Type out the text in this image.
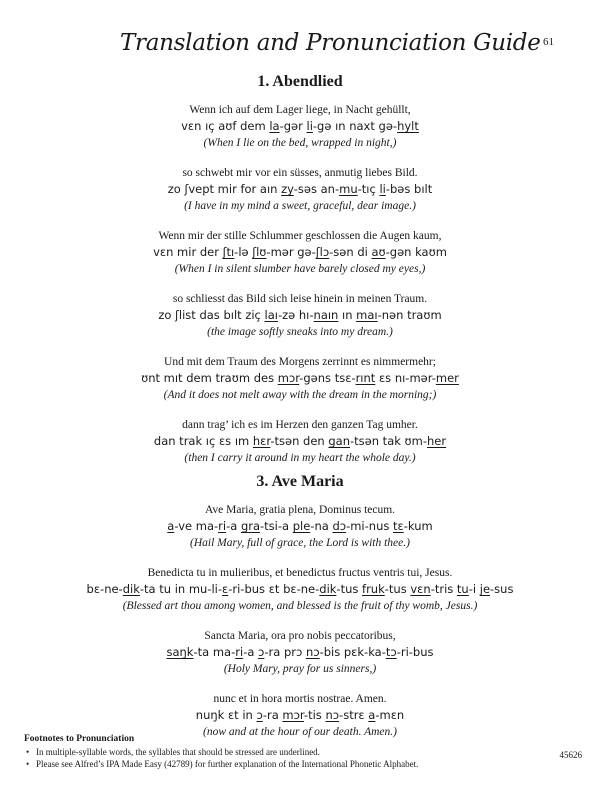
61
Translation and Pronunciation Guide
1. Abendlied
Wenn ich auf dem Lager liege, in Nacht gehüllt,
vɛn ıç aʊf dem la-gər li-gə ın naxt gə-hylt
(When I lie on the bed, wrapped in night,)
so schwebt mir vor ein süsses, anmutig liebes Bild.
zo ʃvept mir for aın zy-səs an-mu-tıç li-bəs bılt
(I have in my mind a sweet, graceful, dear image.)
Wenn mir der stille Schlummer geschlossen die Augen kaum,
vɛn mir der ʃtı-lə ʃlʊ-mər gə-ʃlɔ-sən di aʊ-gən kaʊm
(When I in silent slumber have barely closed my eyes,)
so schliesst das Bild sich leise hinein in meinen Traum.
zo ʃlist das bılt ziç laı-zə hı-naın ın maı-nən traʊm
(the image softly sneaks into my dream.)
Und mit dem Traum des Morgens zerrinnt es nimmermehr;
ʊnt mıt dem traʊm des mɔr-gəns tsɛ-rınt ɛs nı-mər-mer
(And it does not melt away with the dream in the morning;)
dann trag’ ich es im Herzen den ganzen Tag umher.
dan trak ıç ɛs ım hɛr-tsən den gan-tsən tak ʊm-her
(then I carry it around in my heart the whole day.)
3. Ave Maria
Ave Maria, gratia plena, Dominus tecum.
a-ve ma-ri-a gra-tsi-a ple-na dɔ-mi-nus tɛ-kum
(Hail Mary, full of grace, the Lord is with thee.)
Benedicta tu in mulieribus, et benedictus fructus ventris tui, Jesus.
bɛ-ne-dik-ta tu in mu-li-ɛ-ri-bus ɛt bɛ-ne-dik-tus fruk-tus vɛn-tris tu-i je-sus
(Blessed art thou among women, and blessed is the fruit of thy womb, Jesus.)
Sancta Maria, ora pro nobis peccatoribus,
saŋk-ta ma-ri-a ɔ-ra prɔ nɔ-bis pɛk-ka-tɔ-ri-bus
(Holy Mary, pray for us sinners,)
nunc et in hora mortis nostrae. Amen.
nuŋk ɛt in ɔ-ra mɔr-tis nɔ-strɛ a-mɛn
(now and at the hour of our death. Amen.)
Footnotes to Pronunciation
• In multiple-syllable words, the syllables that should be stressed are underlined.
• Please see Alfred’s IPA Made Easy (42789) for further explanation of the International Phonetic Alphabet.
45626
